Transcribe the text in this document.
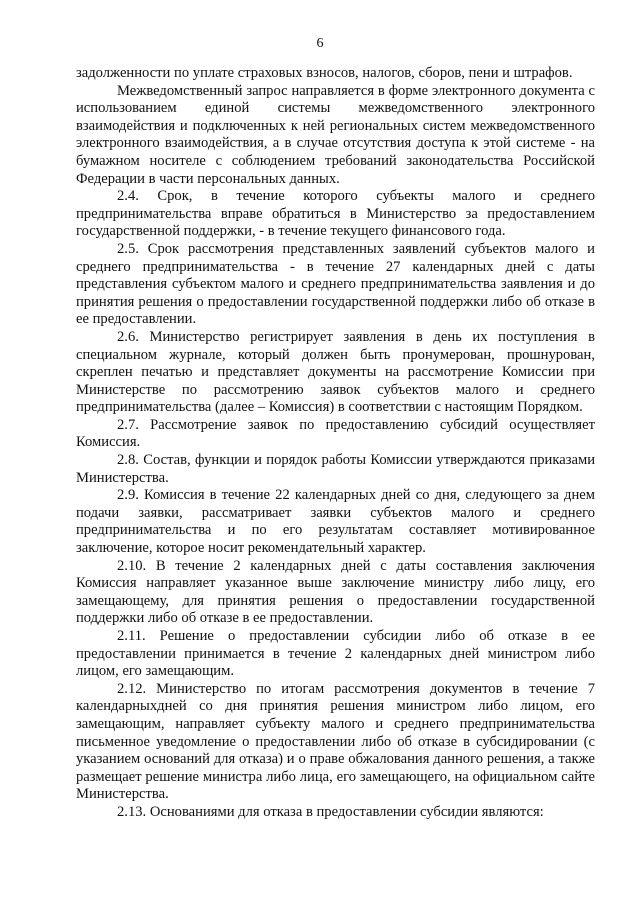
6

задолженности по уплате страховых взносов, налогов, сборов, пени и штрафов.

Межведомственный запрос направляется в форме электронного документа с использованием единой системы межведомственного электронного взаимодействия и подключенных к ней региональных систем межведомственного электронного взаимодействия, а в случае отсутствия доступа к этой системе - на бумажном носителе с соблюдением требований законодательства Российской Федерации в части персональных данных.

2.4. Срок, в течение которого субъекты малого и среднего предпринимательства вправе обратиться в Министерство за предоставлением государственной поддержки, - в течение текущего финансового года.

2.5. Срок рассмотрения представленных заявлений субъектов малого и среднего предпринимательства - в течение 27 календарных дней с даты представления субъектом малого и среднего предпринимательства заявления и до принятия решения о предоставлении государственной поддержки либо об отказе в ее предоставлении.

2.6. Министерство регистрирует заявления в день их поступления в специальном журнале, который должен быть пронумерован, прошнурован, скреплен печатью и представляет документы на рассмотрение Комиссии при Министерстве по рассмотрению заявок субъектов малого и среднего предпринимательства (далее – Комиссия) в соответствии с настоящим Порядком.

2.7. Рассмотрение заявок по предоставлению субсидий осуществляет Комиссия.

2.8. Состав, функции и порядок работы Комиссии утверждаются приказами Министерства.

2.9. Комиссия в течение 22 календарных дней со дня, следующего за днем подачи заявки, рассматривает заявки субъектов малого и среднего предпринимательства и по его результатам составляет мотивированное заключение, которое носит рекомендательный характер.

2.10. В течение 2 календарных дней с даты составления заключения Комиссия направляет указанное выше заключение министру либо лицу, его замещающему, для принятия решения о предоставлении государственной поддержки либо об отказе в ее предоставлении.

2.11. Решение о предоставлении субсидии либо об отказе в ее предоставлении принимается в течение 2 календарных дней министром либо лицом, его замещающим.

2.12. Министерство по итогам рассмотрения документов в течение 7 календарныхдней со дня принятия решения министром либо лицом, его замещающим, направляет субъекту малого и среднего предпринимательства письменное уведомление о предоставлении либо об отказе в субсидировании (с указанием оснований для отказа) и о праве обжалования данного решения, а также размещает решение министра либо лица, его замещающего, на официальном сайте Министерства.

2.13. Основаниями для отказа в предоставлении субсидии являются:
